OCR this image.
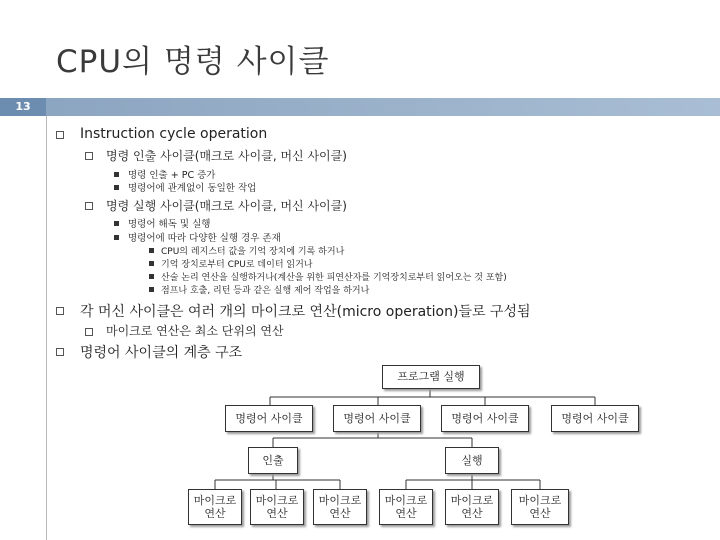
CPU의 명령 사이클
13
Instruction cycle operation
명령 인출 사이클(매크로 사이클, 머신 사이클)
명령 인출 + PC 증가
명령어에 관계없이 동일한 작업
명령 실행 사이클(매크로 사이클, 머신 사이클)
명령어 해독 및 실행
명령어에 따라 다양한 실행 경우 존재
CPU의 레지스터 값을 기억 장치에 기록 하거나
기억 장치로부터 CPU로 데이터 읽거나
산술 논리 연산을 실행하거나(계산을 위한 피연산자를 기억장치로부터 읽어오는 것 포함)
점프나 호출, 리턴 등과 같은 실행 제어 작업을 하거나
각 머신 사이클은 여러 개의 마이크로 연산(micro operation)들로 구성됨
마이크로 연산은 최소 단위의 연산
명령어 사이클의 계층 구조
프로그램 실행
명령어 사이클	명령어 사이클	명령어 사이클	명령어 사이클
인출	실행
마이크로
연산
마이크로
연산
마이크로
연산
마이크로
연산
마이크로
연산
마이크로
연산
